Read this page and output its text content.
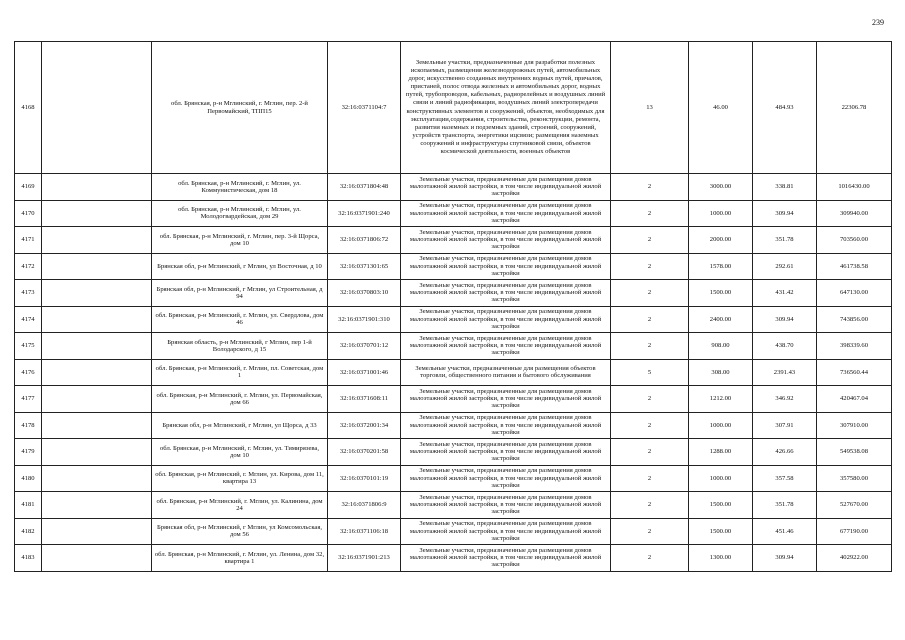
239
4168		обл. Брянская, р-н Мглинский, г. Мглин, пер. 2-й Первомайский, ТПП15	32:16:0371104:7	Земельные участки, предназначенные для разработки полезных ископаемых, размещения железнодорожных путей, автомобильных дорог, искусственно созданных внутренних водных путей, причалов, пристаней, полос отвода железных и автомобильных дорог, водных путей, трубопроводов, кабельных, радиорелейных и воздушных линий связи и линий радиофикации, воздушных линий электропередачи конструктивных элементов и сооружений, объектов, необходимых для эксплуатации,содержания, строительства, реконструкции, ремонта, развития наземных и подземных зданий, строений, сооружений, устройств транспорта, энергетики ицсвязи; размещения наземных сооружений и инфраструктуры спутниковой связи, объектов космической деятельности, военных объектов	13	46.00	484.93	22306.78
4169		обл. Брянская, р-н Мглинский, г. Мглин, ул. Коммунистическая, дом 18	32:16:0371804:48	Земельные участки, предназначенные для размещения домов малоэтажной жилой застройки, в том числе индивидуальной жилой застройки	2	3000.00	338.81	1016430.00
4170		обл. Брянская, р-н Мглинский, г. Мглин, ул. Молодогвардейская, дом 29	32:16:0371901:240	Земельные участки, предназначенные для размещения домов малоэтажной жилой застройки, в том числе индивидуальной жилой застройки	2	1000.00	309.94	309940.00
4171		обл. Брянская, р-н Мглинский, г. Мглин, пер. 3-й Щорса, дом 10	32:16:0371806:72	Земельные участки, предназначенные для размещения домов малоэтажной жилой застройки, в том числе индивидуальной жилой застройки	2	2000.00	351.78	703560.00
4172		Брянская обл, р-н Мглинский, г Мглин, ул Восточная, д 10	32:16:0371301:65	Земельные участки, предназначенные для размещения домов малоэтажной жилой застройки, в том числе индивидуальной жилой застройки	2	1578.00	292.61	461738.58
4173		Брянская обл, р-н Мглинский, г Мглин, ул Строительная, д 94	32:16:0370803:10	Земельные участки, предназначенные для размещения домов малоэтажной жилой застройки, в том числе индивидуальной жилой застройки	2	1500.00	431.42	647130.00
4174		обл. Брянская, р-н Мглинский, г. Мглин, ул. Свердлова, дом 46	32:16:0371901:310	Земельные участки, предназначенные для размещения домов малоэтажной жилой застройки, в том числе индивидуальной жилой застройки	2	2400.00	309.94	743856.00
4175		Брянская область, р-н Мглинский, г Мглин, пер 1-й Володарского, д 15	32:16:0370701:12	Земельные участки, предназначенные для размещения домов малоэтажной жилой застройки, в том числе индивидуальной жилой застройки	2	908.00	438.70	398339.60
4176		обл. Брянская, р-н Мглинский, г. Мглин, пл. Советская, дом 1	32:16:0371001:46	Земельные участки, предназначенные для размещения объектов торговли, общественного питания и бытового обслуживания	5	308.00	2391.43	736560.44
4177		обл. Брянская, р-н Мглинский, г. Мглин, ул. Первомайская, дом 66	32:16:0371608:11	Земельные участки, предназначенные для размещения домов малоэтажной жилой застройки, в том числе индивидуальной жилой застройки	2	1212.00	346.92	420467.04
4178		Брянская обл, р-н Мглинский, г Мглин, ул Щорса, д 33	32:16:0372001:34	Земельные участки, предназначенные для размещения домов малоэтажной жилой застройки, в том числе индивидуальной жилой застройки	2	1000.00	307.91	307910.00
4179		обл. Брянская, р-н Мглинский, г. Мглин, ул. Тимирязева, дом 10	32:16:0370201:58	Земельные участки, предназначенные для размещения домов малоэтажной жилой застройки, в том числе индивидуальной жилой застройки	2	1288.00	426.66	549538.08
4180		обл. Брянская, р-н Мглинский, г. Мглин, ул. Кирова, дом 11, квартира 13	32:16:0370101:19	Земельные участки, предназначенные для размещения домов малоэтажной жилой застройки, в том числе индивидуальной жилой застройки	2	1000.00	357.58	357580.00
4181		обл. Брянская, р-н Мглинский, г. Мглин, ул. Калинина, дом 24	32:16:0371806:9	Земельные участки, предназначенные для размещения домов малоэтажной жилой застройки, в том числе индивидуальной жилой застройки	2	1500.00	351.78	527670.00
4182		Брянская обл, р-н Мглинский, г Мглин, ул Комсомольская, дом 56	32:16:0371106:18	Земельные участки, предназначенные для размещения домов малоэтажной жилой застройки, в том числе индивидуальной жилой застройки	2	1500.00	451.46	677190.00
4183		обл. Брянская, р-н Мглинский, г. Мглин, ул. Ленина, дом 32, квартира 1	32:16:0371901:213	Земельные участки, предназначенные для размещения домов малоэтажной жилой застройки, в том числе индивидуальной жилой застройки	2	1300.00	309.94	402922.00
